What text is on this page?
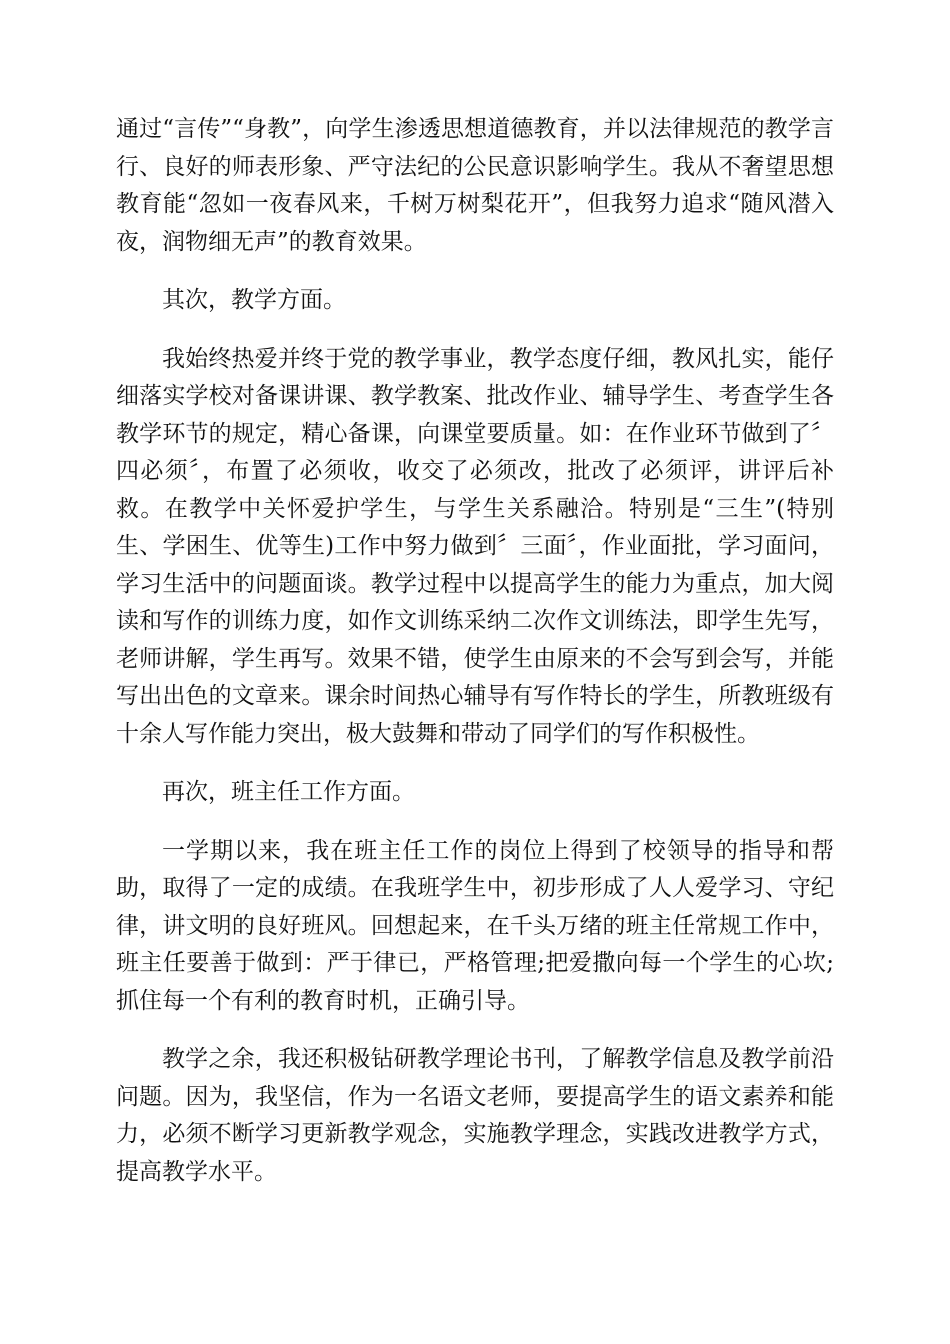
通过“言传”“身教”，向学生渗透思想道德教育，并以法律规范的教学言行、良好的师表形象、严守法纪的公民意识影响学生。我从不奢望思想教育能“忽如一夜春风来，千树万树梨花开”，但我努力追求“随风潜入夜，润物细无声”的教育效果。

其次，教学方面。

我始终热爱并终于党的教学事业，教学态度仔细，教风扎实，能仔细落实学校对备课讲课、教学教案、批改作业、辅导学生、考查学生各教学环节的规定，精心备课，向课堂要质量。如：在作业环节做到了〞四必须〞，布置了必须收，收交了必须改，批改了必须评，讲评后补救。在教学中关怀爱护学生，与学生关系融洽。特别是“三生”(特别生、学困生、优等生)工作中努力做到〞三面〞，作业面批，学习面问，学习生活中的问题面谈。教学过程中以提高学生的能力为重点，加大阅读和写作的训练力度，如作文训练采纳二次作文训练法，即学生先写，老师讲解，学生再写。效果不错，使学生由原来的不会写到会写，并能写出出色的文章来。课余时间热心辅导有写作特长的学生，所教班级有十余人写作能力突出，极大鼓舞和带动了同学们的写作积极性。

再次，班主任工作方面。

一学期以来，我在班主任工作的岗位上得到了校领导的指导和帮助，取得了一定的成绩。在我班学生中，初步形成了人人爱学习、守纪律，讲文明的良好班风。回想起来，在千头万绪的班主任常规工作中，班主任要善于做到：严于律已，严格管理;把爱撒向每一个学生的心坎;抓住每一个有利的教育时机，正确引导。

教学之余，我还积极钻研教学理论书刊，了解教学信息及教学前沿问题。因为，我坚信，作为一名语文老师，要提高学生的语文素养和能力，必须不断学习更新教学观念，实施教学理念，实践改进教学方式，提高教学水平。
